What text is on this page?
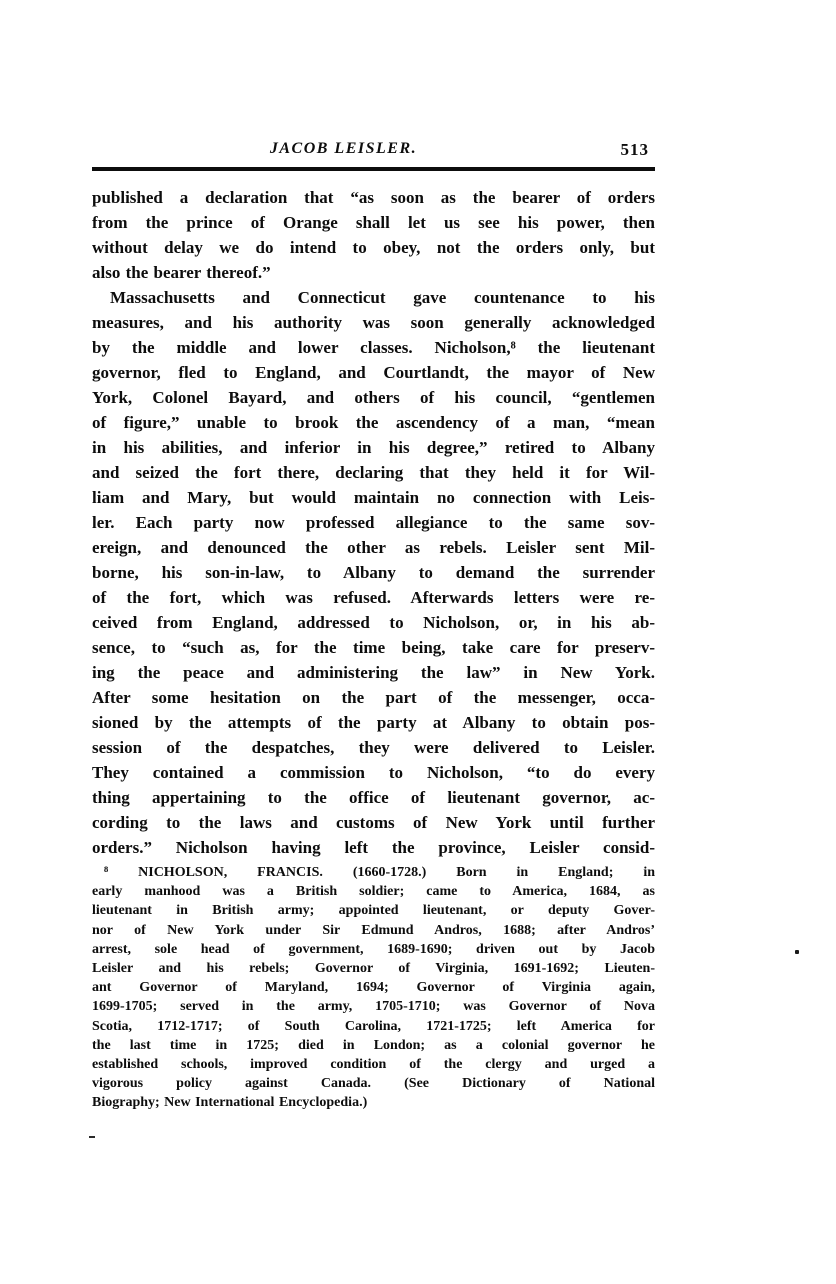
JACOB LEISLER.	513
published a declaration that “as soon as the bearer of orders
from the prince of Orange shall let us see his power, then
without delay we do intend to obey, not the orders only, but
also the bearer thereof.”
Massachusetts and Connecticut gave countenance to his
measures, and his authority was soon generally acknowledged
by the middle and lower classes. Nicholson,⁸ the lieutenant
governor, fled to England, and Courtlandt, the mayor of New
York, Colonel Bayard, and others of his council, “gentlemen
of figure,” unable to brook the ascendency of a man, “mean
in his abilities, and inferior in his degree,” retired to Albany
and seized the fort there, declaring that they held it for Wil-
liam and Mary, but would maintain no connection with Leis-
ler. Each party now professed allegiance to the same sov-
ereign, and denounced the other as rebels. Leisler sent Mil-
borne, his son-in-law, to Albany to demand the surrender
of the fort, which was refused. Afterwards letters were re-
ceived from England, addressed to Nicholson, or, in his ab-
sence, to “such as, for the time being, take care for preserv-
ing the peace and administering the law” in New York.
After some hesitation on the part of the messenger, occa-
sioned by the attempts of the party at Albany to obtain pos-
session of the despatches, they were delivered to Leisler.
They contained a commission to Nicholson, “to do every
thing appertaining to the office of lieutenant governor, ac-
cording to the laws and customs of New York until further
orders.” Nicholson having left the province, Leisler consid-
⁸ NICHOLSON, FRANCIS. (1660-1728.) Born in England; in
early manhood was a British soldier; came to America, 1684, as
lieutenant in British army; appointed lieutenant, or deputy Gover-
nor of New York under Sir Edmund Andros, 1688; after Andros’
arrest, sole head of government, 1689-1690; driven out by Jacob
Leisler and his rebels; Governor of Virginia, 1691-1692; Lieuten-
ant Governor of Maryland, 1694; Governor of Virginia again,
1699-1705; served in the army, 1705-1710; was Governor of Nova
Scotia, 1712-1717; of South Carolina, 1721-1725; left America for
the last time in 1725; died in London; as a colonial governor he
established schools, improved condition of the clergy and urged a
vigorous policy against Canada. (See Dictionary of National
Biography; New International Encyclopedia.)
